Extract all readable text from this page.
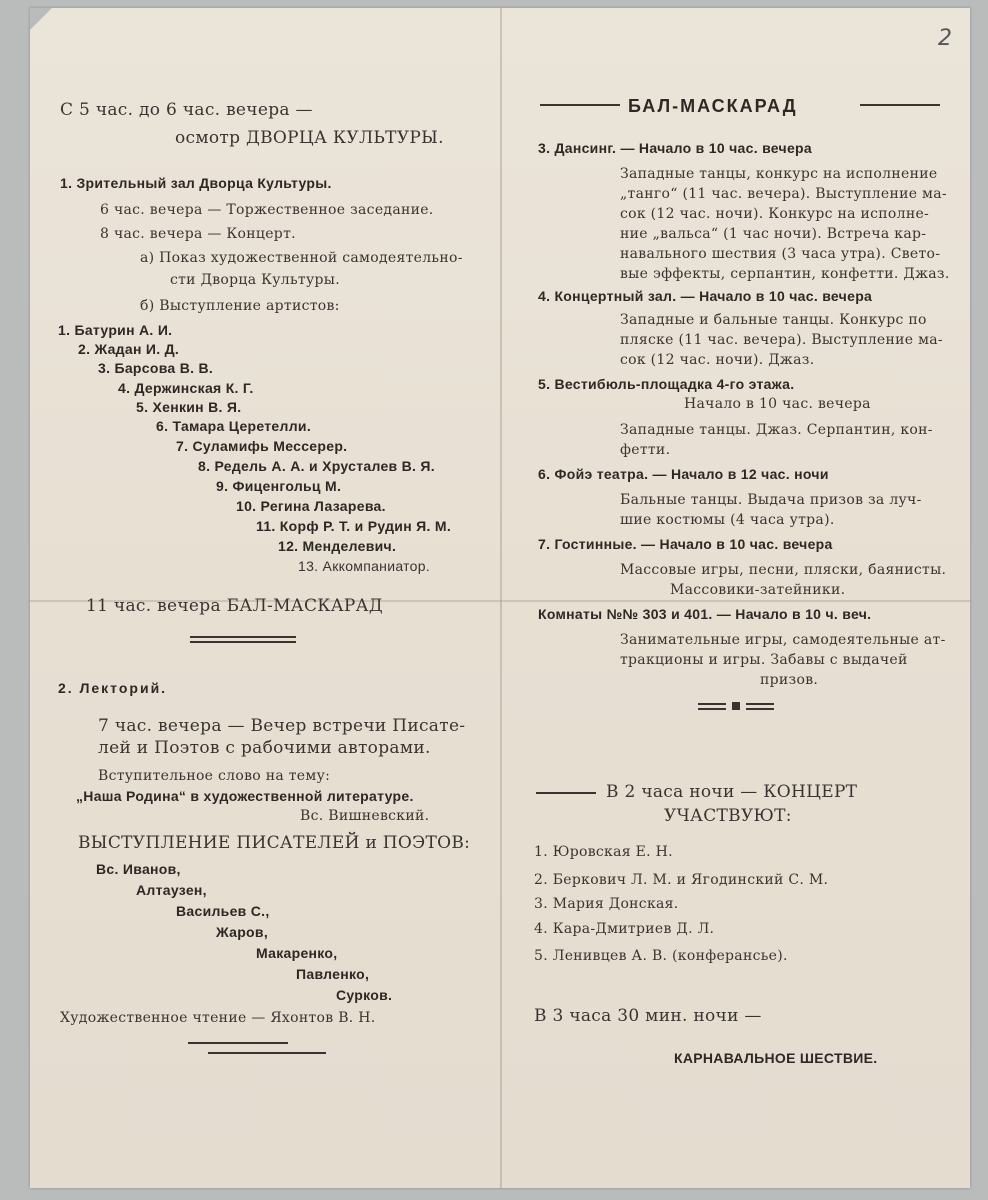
2
С 5 час. до 6 час. вечера —
осмотр ДВОРЦА КУЛЬТУРЫ.
1. Зрительный зал Дворца Культуры.
6 час. вечера — Торжественное заседание.
8 час. вечера — Концерт.
а) Показ художественной самодеятельно-
сти Дворца Культуры.
б) Выступление артистов:
1. Батурин А. И.
2. Жадан И. Д.
3. Барсова В. В.
4. Держинская К. Г.
5. Хенкин В. Я.
6. Тамара Церетелли.
7. Суламифь Мессерер.
8. Редель А. А. и Хрусталев В. Я.
9. Фиценгольц М.
10. Регина Лазарева.
11. Корф Р. Т. и Рудин Я. М.
12. Менделевич.
13. Аккомпаниатор.
11 час. вечера БАЛ-МАСКАРАД
2. Лекторий.
7 час. вечера — Вечер встречи Писате-
лей и Поэтов с рабочими авторами.
Вступительное слово на тему:
„Наша Родина“ в художественной литературе.
Вс. Вишневский.
ВЫСТУПЛЕНИЕ ПИСАТЕЛЕЙ и ПОЭТОВ:
Вс. Иванов,
Алтаузен,
Васильев С.,
Жаров,
Макаренко,
Павленко,
Сурков.
Художественное чтение — Яхонтов В. Н.
БАЛ-МАСКАРАД
3. Дансинг. — Начало в 10 час. вечера
Западные танцы, конкурс на исполнение
„танго“ (11 час. вечера). Выступление ма-
сок (12 час. ночи). Конкурс на исполне-
ние „вальса“ (1 час ночи). Встреча кар-
навального шествия (3 часа утра). Свето-
вые эффекты, серпантин, конфетти. Джаз.
4. Концертный зал. — Начало в 10 час. вечера
Западные и бальные танцы. Конкурс по
пляске (11 час. вечера). Выступление ма-
сок (12 час. ночи). Джаз.
5. Вестибюль-площадка 4-го этажа.
Начало в 10 час. вечера
Западные танцы. Джаз. Серпантин, кон-
фетти.
6. Фойэ театра. — Начало в 12 час. ночи
Бальные танцы. Выдача призов за луч-
шие костюмы (4 часа утра).
7. Гостинные. — Начало в 10 час. вечера
Массовые игры, песни, пляски, баянисты.
Массовики-затейники.
Комнаты №№ 303 и 401. — Начало в 10 ч. веч.
Занимательные игры, самодеятельные ат-
тракционы и игры. Забавы с выдачей
призов.
В 2 часа ночи — КОНЦЕРТ
УЧАСТВУЮТ:
1. Юровская Е. Н.
2. Беркович Л. М. и Ягодинский С. М.
3. Мария Донская.
4. Кара-Дмитриев Д. Л.
5. Ленивцев А. В. (конферансье).
В 3 часа 30 мин. ночи —
КАРНАВАЛЬНОЕ ШЕСТВИЕ.
